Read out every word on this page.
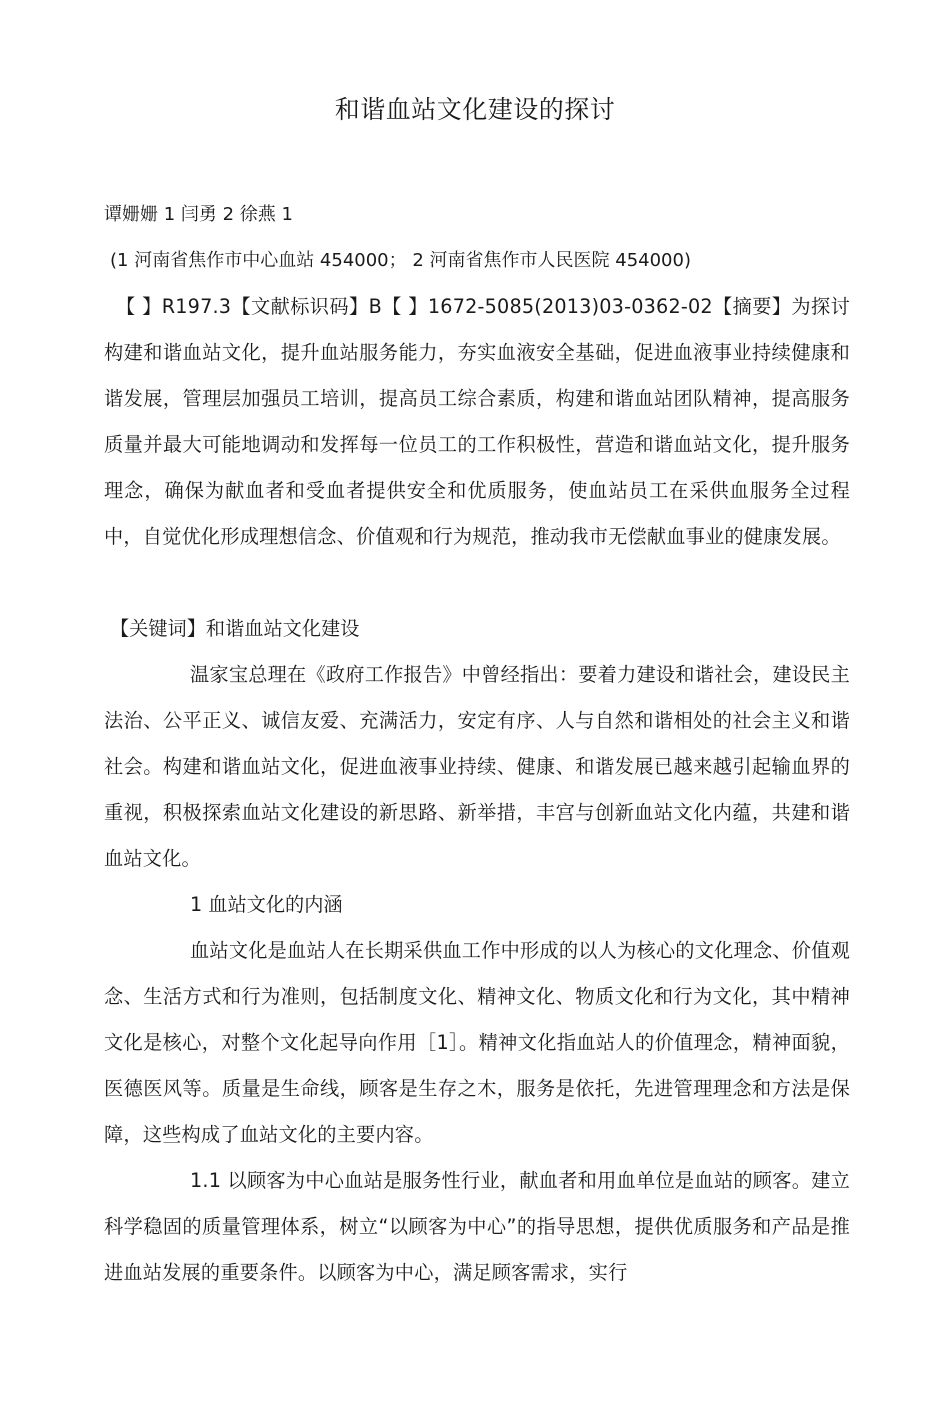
和谐血站文化建设的探讨
谭姗姗 1 闫勇 2 徐燕 1
(1 河南省焦作市中心血站 454000； 2 河南省焦作市人民医院 454000)
【 】R197.3【文献标识码】B【 】1672-5085(2013)03-0362-02【摘要】为探讨构建和谐血站文化，提升血站服务能力，夯实血液安全基础，促进血液事业持续健康和谐发展，管理层加强员工培训，提高员工综合素质，构建和谐血站团队精神，提高服务质量并最大可能地调动和发挥每一位员工的工作积极性，营造和谐血站文化，提升服务理念，确保为献血者和受血者提供安全和优质服务，使血站员工在采供血服务全过程中，自觉优化形成理想信念、价值观和行为规范，推动我市无偿献血事业的健康发展。
【关键词】和谐血站文化建设
温家宝总理在《政府工作报告》中曾经指出：要着力建设和谐社会，建设民主法治、公平正义、诚信友爱、充满活力，安定有序、人与自然和谐相处的社会主义和谐社会。构建和谐血站文化，促进血液事业持续、健康、和谐发展已越来越引起输血界的重视，积极探索血站文化建设的新思路、新举措，丰宫与创新血站文化内蕴，共建和谐血站文化。
1 血站文化的内涵
血站文化是血站人在长期采供血工作中形成的以人为核心的文化理念、价值观念、生活方式和行为准则，包括制度文化、精神文化、物质文化和行为文化，其中精神文化是核心，对整个文化起导向作用［1］。精神文化指血站人的价值理念，精神面貌，医德医风等。质量是生命线，顾客是生存之木，服务是依托，先进管理理念和方法是保障，这些构成了血站文化的主要内容。
1.1 以顾客为中心血站是服务性行业，献血者和用血单位是血站的顾客。建立科学稳固的质量管理体系，树立“以顾客为中心”的指导思想，提供优质服务和产品是推进血站发展的重要条件。以顾客为中心，满足顾客需求，实行
